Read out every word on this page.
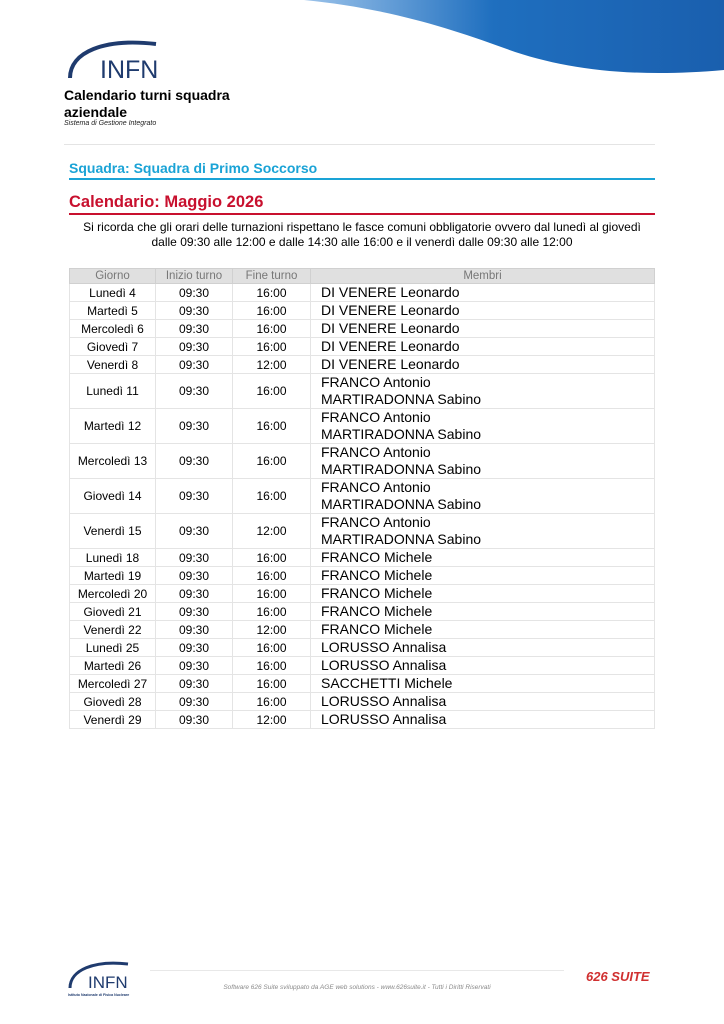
INFN
Calendario turni squadra aziendale
Sistema di Gestione Integrato
Squadra: Squadra di Primo Soccorso
Calendario: Maggio 2026
Si ricorda che gli orari delle turnazioni rispettano le fasce comuni obbligatorie ovvero dal lunedì al giovedì dalle 09:30 alle 12:00 e dalle 14:30 alle 16:00 e il venerdì dalle 09:30 alle 12:00
Giorno	Inizio turno	Fine turno	Membri
Lunedì 4	09:30	16:00	DI VENERE Leonardo

Martedì 5	09:30	16:00	DI VENERE Leonardo

Mercoledì 6	09:30	16:00	DI VENERE Leonardo

Giovedì 7	09:30	16:00	DI VENERE Leonardo

Venerdì 8	09:30	12:00	DI VENERE Leonardo

Lunedì 11	09:30	16:00	FRANCO Antonio
MARTIRADONNA Sabino

Martedì 12	09:30	16:00	FRANCO Antonio
MARTIRADONNA Sabino

Mercoledì 13	09:30	16:00	FRANCO Antonio
MARTIRADONNA Sabino

Giovedì 14	09:30	16:00	FRANCO Antonio
MARTIRADONNA Sabino

Venerdì 15	09:30	12:00	FRANCO Antonio
MARTIRADONNA Sabino

Lunedì 18	09:30	16:00	FRANCO Michele

Martedì 19	09:30	16:00	FRANCO Michele

Mercoledì 20	09:30	16:00	FRANCO Michele

Giovedì 21	09:30	16:00	FRANCO Michele

Venerdì 22	09:30	12:00	FRANCO Michele

Lunedì 25	09:30	16:00	LORUSSO Annalisa

Martedì 26	09:30	16:00	LORUSSO Annalisa

Mercoledì 27	09:30	16:00	SACCHETTI Michele

Giovedì 28	09:30	16:00	LORUSSO Annalisa

Venerdì 29	09:30	12:00	LORUSSO Annalisa
INFN
Istituto Nazionale di Fisica Nucleare
Software 626 Suite sviluppato da AGE web solutions - www.626suite.it - Tutti i Diritti Riservati
626 SUITE
